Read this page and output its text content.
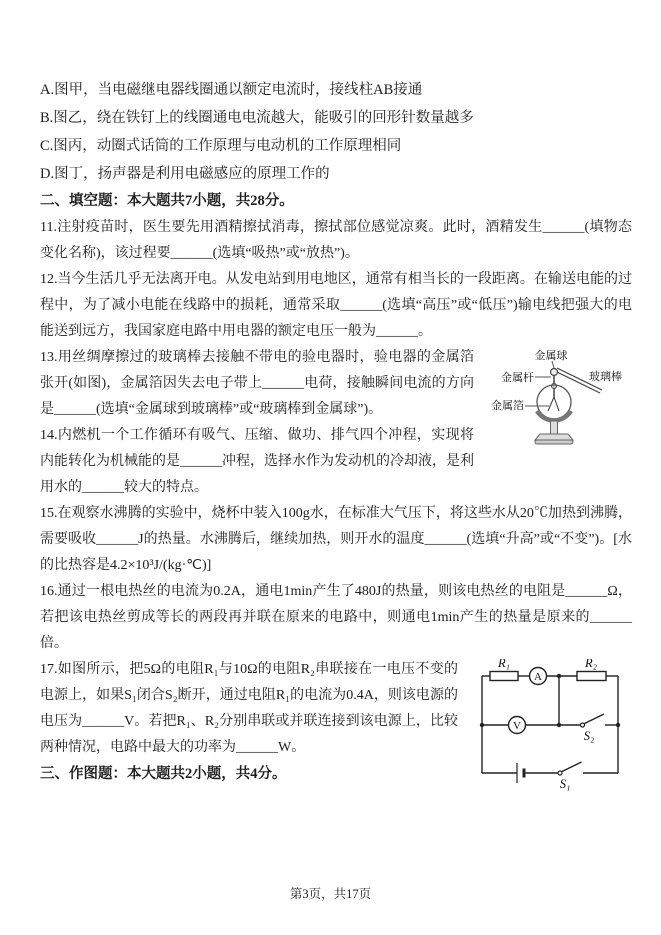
A.图甲，当电磁继电器线圈通以额定电流时，接线柱AB接通

B.图乙，绕在铁钉上的线圈通电电流越大，能吸引的回形针数量越多

C.图丙，动圈式话筒的工作原理与电动机的工作原理相同

D.图丁，扬声器是利用电磁感应的原理工作的

二、填空题：本大题共7小题，共28分。

11.注射疫苗时，医生要先用酒精擦拭消毒，擦拭部位感觉凉爽。此时，酒精发生______(填物态变化名称)，该过程要______(选填“吸热”或“放热”)。

12.当今生活几乎无法离开电。从发电站到用电地区，通常有相当长的一段距离。在输送电能的过程中，为了减小电能在线路中的损耗，通常采取______(选填“高压”或“低压”)输电线把强大的电能送到远方，我国家庭电路中用电器的额定电压一般为______。

金属球
金属杆	玻璃棒
金属箔

13.用丝绸摩擦过的玻璃棒去接触不带电的验电器时，验电器的金属箔张开(如图)，金属箔因失去电子带上______电荷，接触瞬间电流的方向是______(选填“金属球到玻璃棒”或“玻璃棒到金属球”)。

14.内燃机一个工作循环有吸气、压缩、做功、排气四个冲程，实现将内能转化为机械能的是______冲程，选择水作为发动机的冷却液，是利用水的______较大的特点。

15.在观察水沸腾的实验中，烧杯中装入100g水，在标准大气压下，将这些水从20℃加热到沸腾，需要吸收______J的热量。水沸腾后，继续加热，则开水的温度______(选填“升高”或“不变”)。[水的比热容是4.2×10³J/(kg·℃)]

16.通过一根电热丝的电流为0.2A，通电1min产生了480J的热量，则该电热丝的电阻是______Ω，若把该电热丝剪成等长的两段再并联在原来的电路中，则通电1min产生的热量是原来的______倍。

A
V
R₁	R₂
S₂
S₁

17.如图所示，把5Ω的电阻R₁与10Ω的电阻R₂串联接在一电压不变的电源上，如果S₁闭合S₂断开，通过电阻R₁的电流为0.4A，则该电源的电压为______V。若把R₁、R₂分别串联或并联连接到该电源上，比较两种情况，电路中最大的功率为______W。

三、作图题：本大题共2小题，共4分。

第3页，共17页
